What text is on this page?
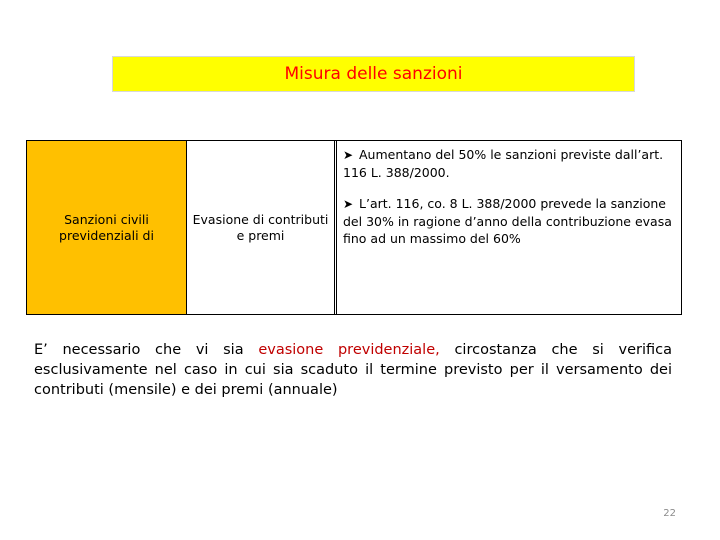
Misura delle sanzioni
Sanzioni civili previdenziali di
Evasione di contributi e premi
➤ Aumentano del 50% le sanzioni previste dall’art. 116 L. 388/2000.
➤ L’art. 116, co. 8 L. 388/2000 prevede la sanzione del 30% in ragione d’anno della contribuzione evasa fino ad un massimo del 60%
E’ necessario che vi sia evasione previdenziale, circostanza che si verifica esclusivamente nel caso in cui sia scaduto il termine previsto per il versamento dei contributi (mensile) e dei premi (annuale)
22
